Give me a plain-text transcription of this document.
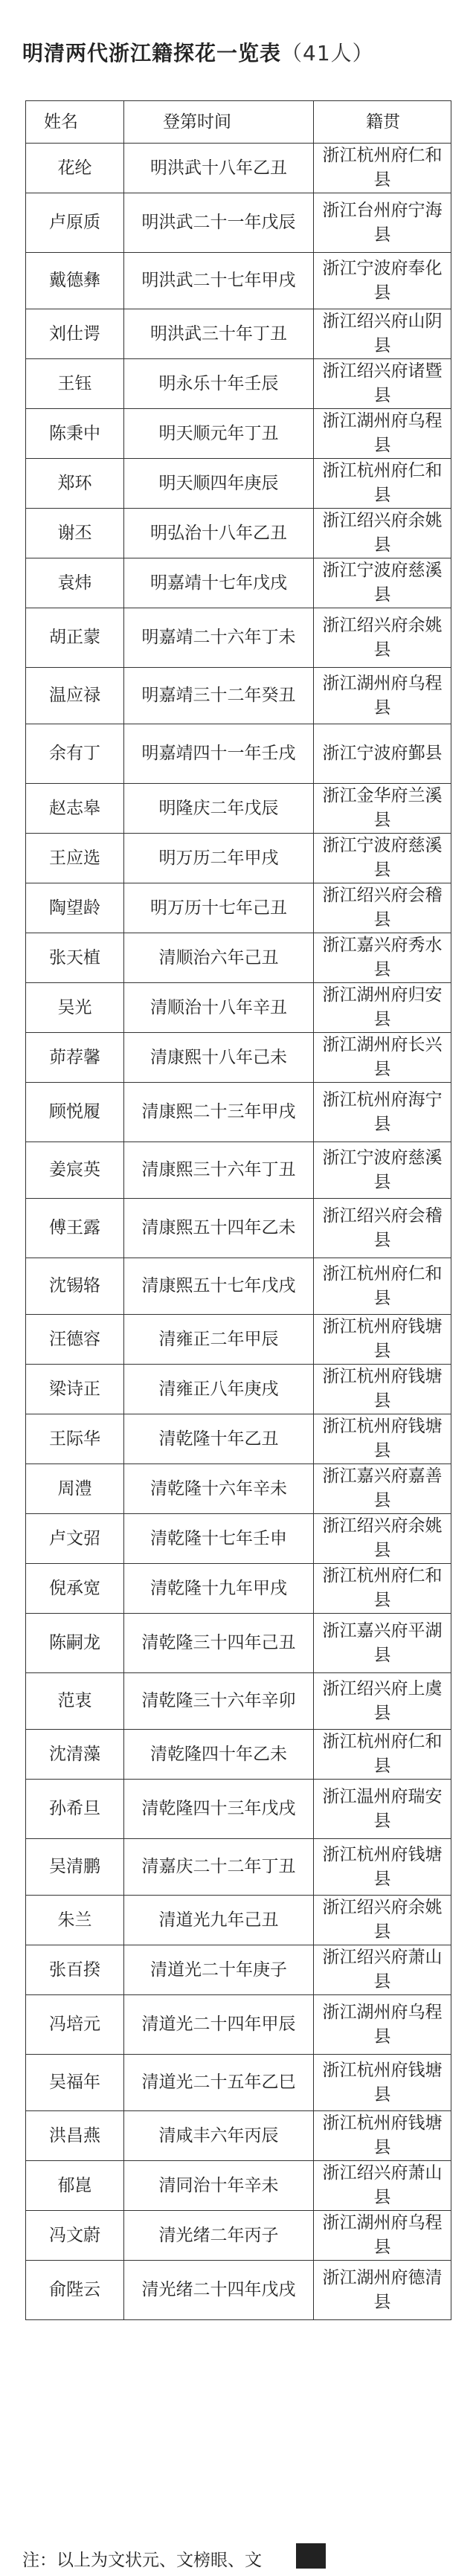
明清两代浙江籍探花一览表（41人）
姓名	登第时间	籍贯
花纶	明洪武十八年乙丑	浙江杭州府仁和县
卢原质	明洪武二十一年戊辰	浙江台州府宁海县
戴德彝	明洪武二十七年甲戌	浙江宁波府奉化县
刘仕谔	明洪武三十年丁丑	浙江绍兴府山阴县
王钰	明永乐十年壬辰	浙江绍兴府诸暨县
陈秉中	明天顺元年丁丑	浙江湖州府乌程县
郑环	明天顺四年庚辰	浙江杭州府仁和县
谢丕	明弘治十八年乙丑	浙江绍兴府余姚县
袁炜	明嘉靖十七年戊戌	浙江宁波府慈溪县
胡正蒙	明嘉靖二十六年丁未	浙江绍兴府余姚县
温应禄	明嘉靖三十二年癸丑	浙江湖州府乌程县
余有丁	明嘉靖四十一年壬戌	浙江宁波府鄞县
赵志皋	明隆庆二年戊辰	浙江金华府兰溪县
王应选	明万历二年甲戌	浙江宁波府慈溪县
陶望龄	明万历十七年己丑	浙江绍兴府会稽县
张天植	清顺治六年己丑	浙江嘉兴府秀水县
吴光	清顺治十八年辛丑	浙江湖州府归安县
茆荐馨	清康熙十八年己未	浙江湖州府长兴县
顾悦履	清康熙二十三年甲戌	浙江杭州府海宁县
姜宸英	清康熙三十六年丁丑	浙江宁波府慈溪县
傅王露	清康熙五十四年乙未	浙江绍兴府会稽县
沈锡辂	清康熙五十七年戊戌	浙江杭州府仁和县
汪德容	清雍正二年甲辰	浙江杭州府钱塘县
梁诗正	清雍正八年庚戌	浙江杭州府钱塘县
王际华	清乾隆十年乙丑	浙江杭州府钱塘县
周澧	清乾隆十六年辛未	浙江嘉兴府嘉善县
卢文弨	清乾隆十七年壬申	浙江绍兴府余姚县
倪承宽	清乾隆十九年甲戌	浙江杭州府仁和县
陈嗣龙	清乾隆三十四年己丑	浙江嘉兴府平湖县
范衷	清乾隆三十六年辛卯	浙江绍兴府上虞县
沈清藻	清乾隆四十年乙未	浙江杭州府仁和县
孙希旦	清乾隆四十三年戊戌	浙江温州府瑞安县
吴清鹏	清嘉庆二十二年丁丑	浙江杭州府钱塘县
朱兰	清道光九年己丑	浙江绍兴府余姚县
张百揆	清道光二十年庚子	浙江绍兴府萧山县
冯培元	清道光二十四年甲辰	浙江湖州府乌程县
吴福年	清道光二十五年乙巳	浙江杭州府钱塘县
洪昌燕	清咸丰六年丙辰	浙江杭州府钱塘县
郁崑	清同治十年辛未	浙江绍兴府萧山县
冯文蔚	清光绪二年丙子	浙江湖州府乌程县
俞陛云	清光绪二十四年戊戌	浙江湖州府德清县
注：以上为文状元、文榜眼、文
